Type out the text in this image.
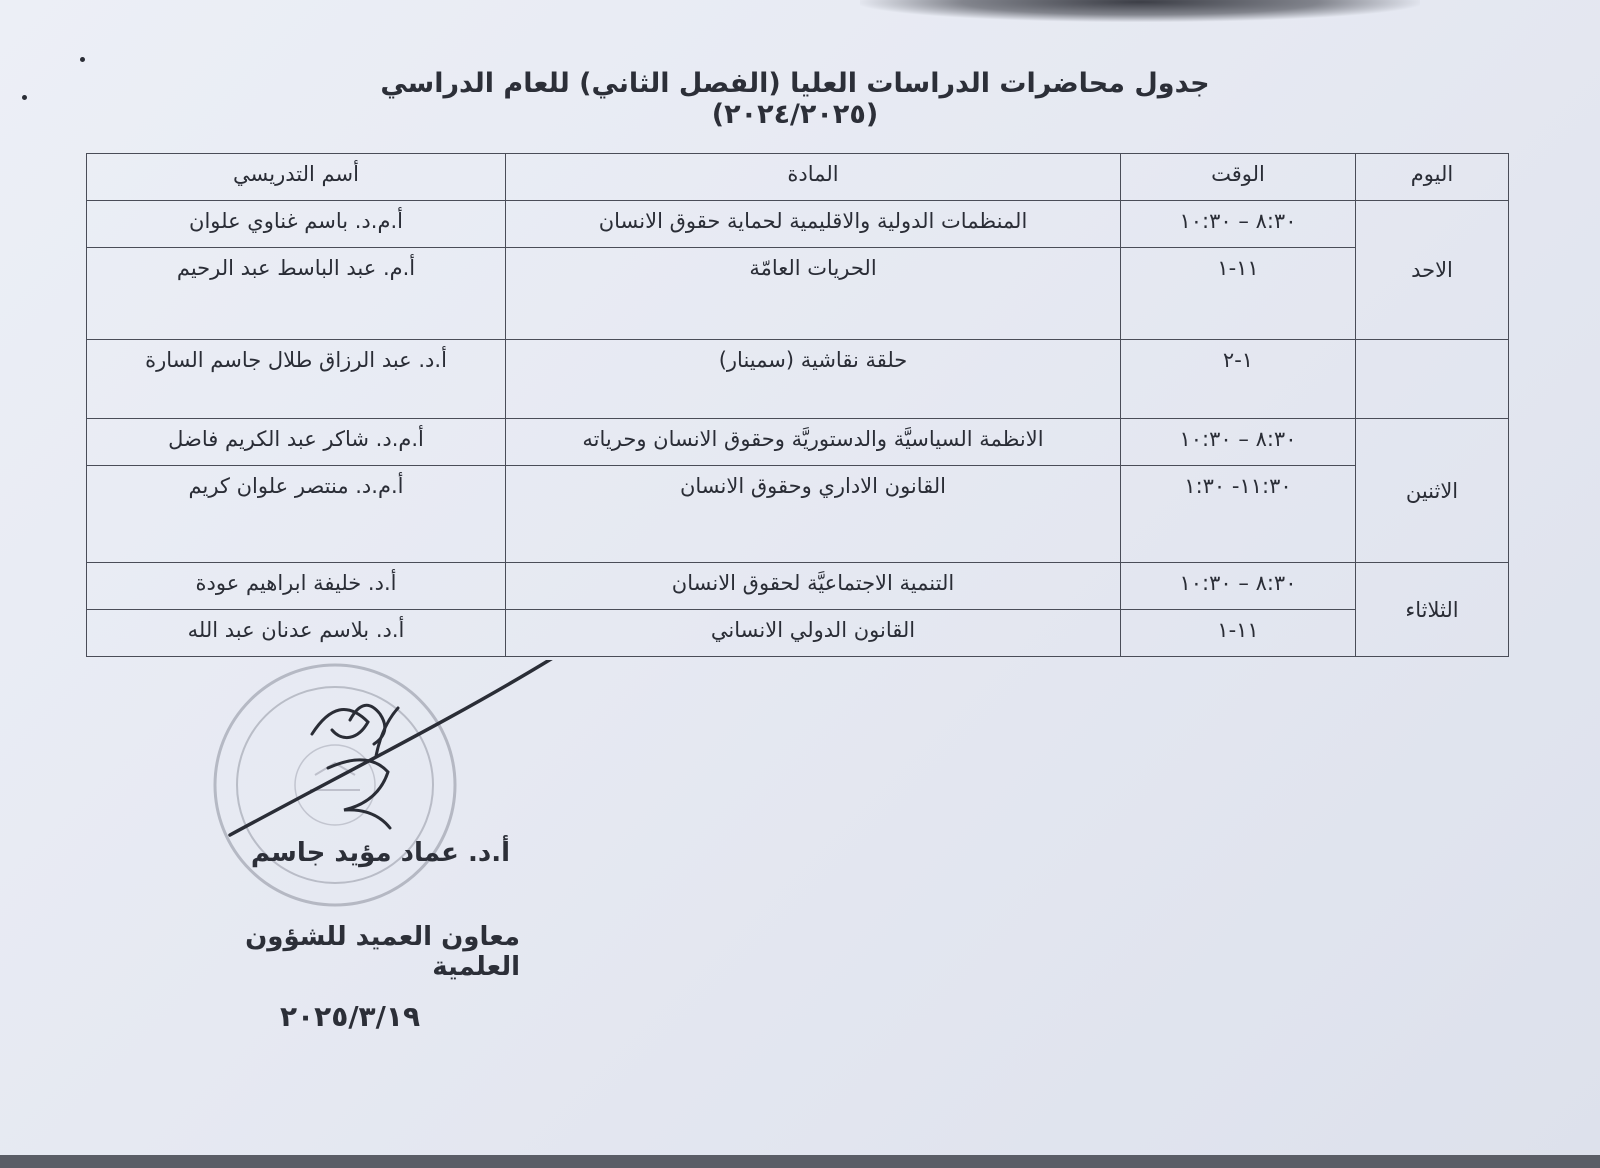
جدول محاضرات الدراسات العليا (الفصل الثاني) للعام الدراسي (٢٠٢٤/٢٠٢٥)
اليوم	الوقت	المادة	أسم التدريسي
الاحد	٨:٣٠ – ١٠:٣٠	المنظمات الدولية والاقليمية لحماية حقوق الانسان	أ.م.د. باسم غناوي علوان
	١١-١	الحريات العامّة	أ.م. عبد الباسط عبد الرحيم
	١-٢	حلقة نقاشية (سمينار)	أ.د. عبد الرزاق طلال جاسم السارة
الاثنين	٨:٣٠ – ١٠:٣٠	الانظمة السياسيَّة والدستوريَّة وحقوق الانسان وحرياته	أ.م.د. شاكر عبد الكريم فاضل
	١١:٣٠- ١:٣٠	القانون الاداري وحقوق الانسان	أ.م.د. منتصر علوان كريم
الثلاثاء	٨:٣٠ – ١٠:٣٠	التنمية الاجتماعيَّة لحقوق الانسان	أ.د. خليفة ابراهيم عودة
	١١-١	القانون الدولي الانساني	أ.د. بلاسم عدنان عبد الله
أ.د. عماد مؤيد جاسم
معاون العميد للشؤون العلمية
٢٠٢٥/٣/١٩
